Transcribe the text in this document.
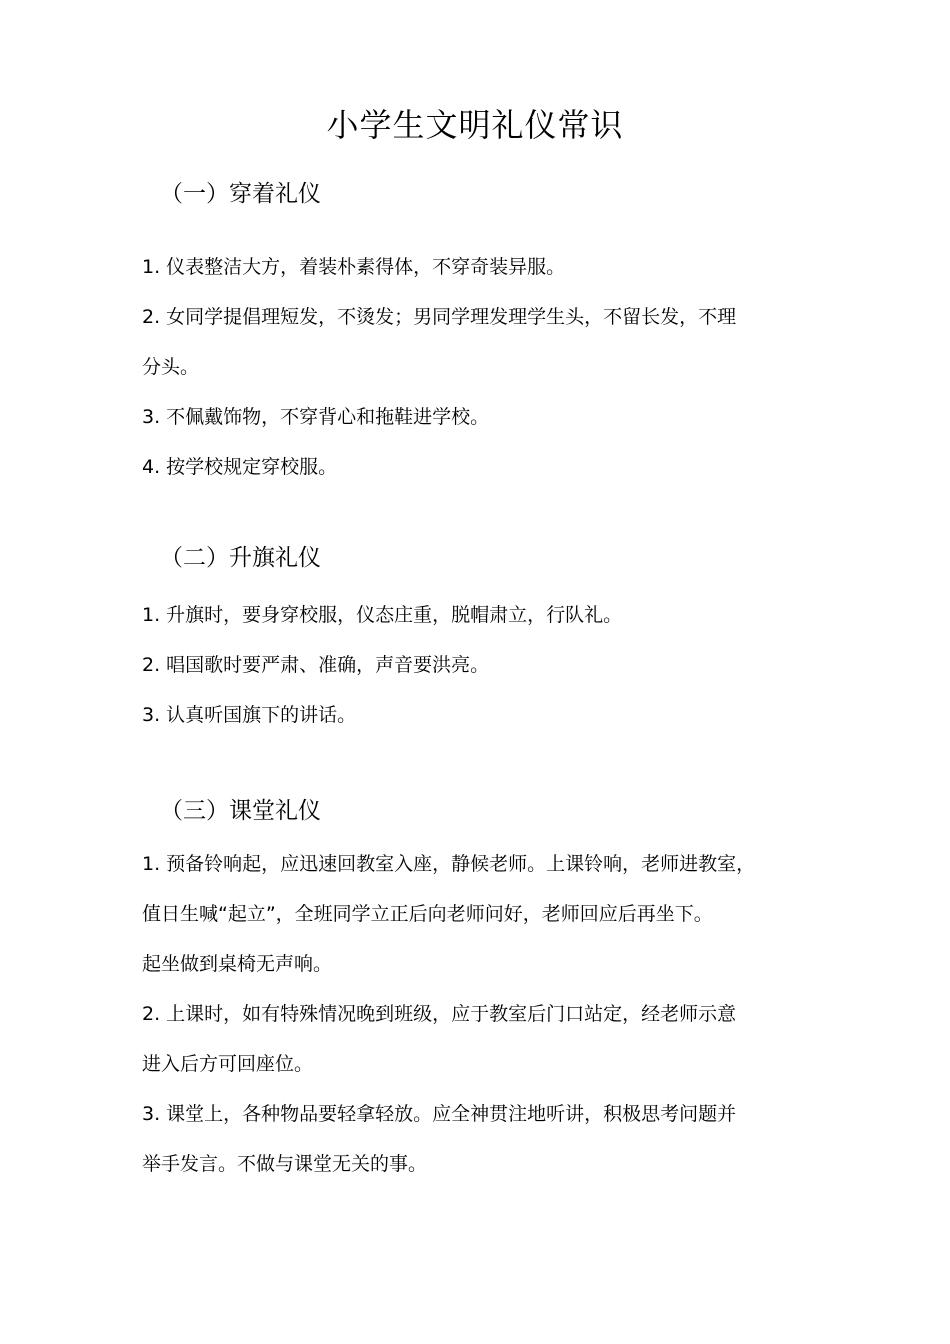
小学生文明礼仪常识
（一）穿着礼仪
1. 仪表整洁大方，着装朴素得体，不穿奇装异服。
2. 女同学提倡理短发，不烫发；男同学理发理学生头，不留长发，不理
分头。
3. 不佩戴饰物，不穿背心和拖鞋进学校。
4. 按学校规定穿校服。
（二）升旗礼仪
1. 升旗时，要身穿校服，仪态庄重，脱帽肃立，行队礼。
2. 唱国歌时要严肃、准确，声音要洪亮。
3. 认真听国旗下的讲话。
（三）课堂礼仪
1. 预备铃响起，应迅速回教室入座，静候老师。上课铃响，老师进教室，
值日生喊“起立”，全班同学立正后向老师问好，老师回应后再坐下。
起坐做到桌椅无声响。
2. 上课时，如有特殊情况晚到班级，应于教室后门口站定，经老师示意
进入后方可回座位。
3. 课堂上，各种物品要轻拿轻放。应全神贯注地听讲，积极思考问题并
举手发言。不做与课堂无关的事。
